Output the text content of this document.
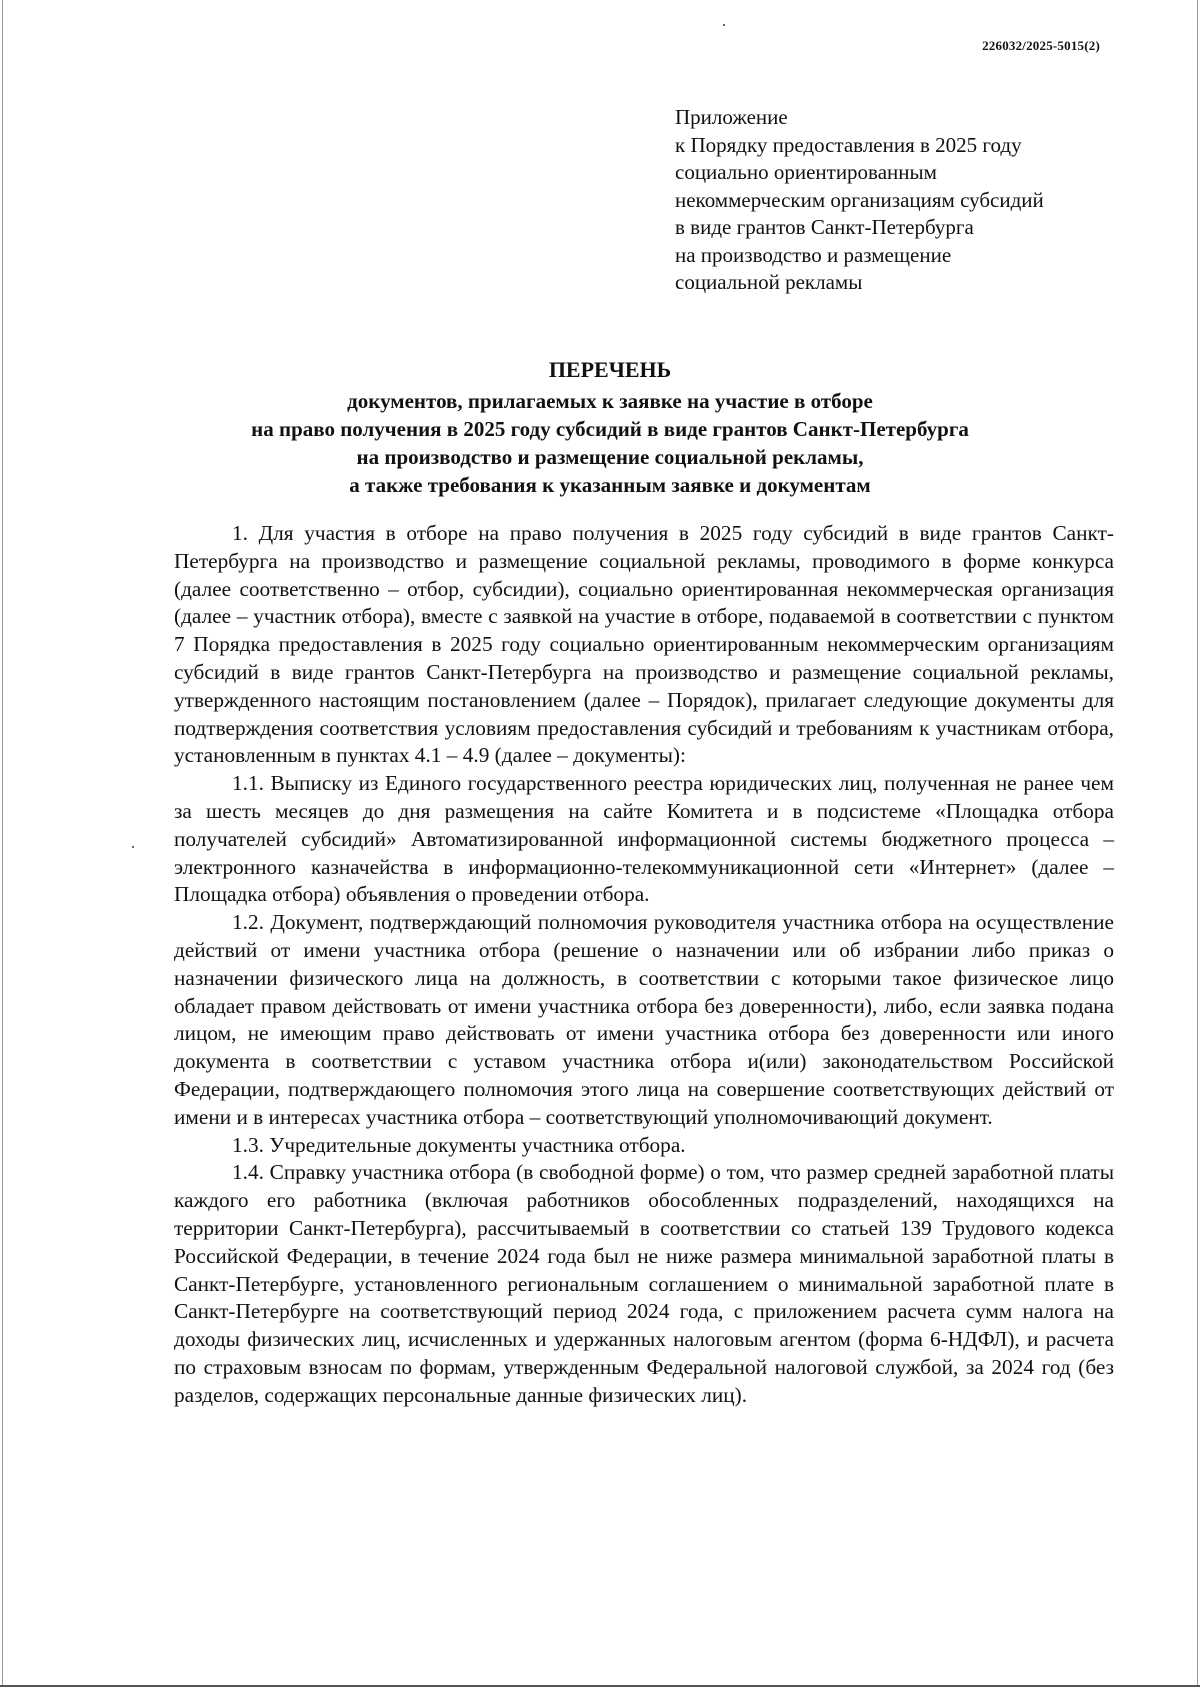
226032/2025-5015(2)
Приложение
к Порядку предоставления в 2025 году
социально ориентированным
некоммерческим организациям субсидий
в виде грантов Санкт-Петербурга
на производство и размещение
социальной рекламы
ПЕРЕЧЕНЬ
документов, прилагаемых к заявке на участие в отборе
на право получения в 2025 году субсидий в виде грантов Санкт-Петербурга
на производство и размещение социальной рекламы,
а также требования к указанным заявке и документам

1. Для участия в отборе на право получения в 2025 году субсидий в виде грантов Санкт-Петербурга на производство и размещение социальной рекламы, проводимого в форме конкурса (далее соответственно – отбор, субсидии), социально ориентированная некоммерческая организация (далее – участник отбора), вместе с заявкой на участие в отборе, подаваемой в соответствии с пунктом 7 Порядка предоставления в 2025 году социально ориентированным некоммерческим организациям субсидий в виде грантов Санкт-Петербурга на производство и размещение социальной рекламы, утвержденного настоящим постановлением (далее – Порядок), прилагает следующие документы для подтверждения соответствия условиям предоставления субсидий и требованиям к участникам отбора, установленным в пунктах 4.1 – 4.9 (далее – документы):

1.1. Выписку из Единого государственного реестра юридических лиц, полученная не ранее чем за шесть месяцев до дня размещения на сайте Комитета и в подсистеме «Площадка отбора получателей субсидий» Автоматизированной информационной системы бюджетного процесса – электронного казначейства в информационно-телекоммуникационной сети «Интернет» (далее – Площадка отбора) объявления о проведении отбора.

1.2. Документ, подтверждающий полномочия руководителя участника отбора на осуществление действий от имени участника отбора (решение о назначении или об избрании либо приказ о назначении физического лица на должность, в соответствии с которыми такое физическое лицо обладает правом действовать от имени участника отбора без доверенности), либо, если заявка подана лицом, не имеющим право действовать от имени участника отбора без доверенности или иного документа в соответствии с уставом участника отбора и(или) законодательством Российской Федерации, подтверждающего полномочия этого лица на совершение соответствующих действий от имени и в интересах участника отбора – соответствующий уполномочивающий документ.

1.3. Учредительные документы участника отбора.

1.4. Справку участника отбора (в свободной форме) о том, что размер средней заработной платы каждого его работника (включая работников обособленных подразделений, находящихся на территории Санкт-Петербурга), рассчитываемый в соответствии со статьей 139 Трудового кодекса Российской Федерации, в течение 2024 года был не ниже размера минимальной заработной платы в Санкт-Петербурге, установленного региональным соглашением о минимальной заработной плате в Санкт-Петербурге на соответствующий период 2024 года, с приложением расчета сумм налога на доходы физических лиц, исчисленных и удержанных налоговым агентом (форма 6-НДФЛ), и расчета по страховым взносам по формам, утвержденным Федеральной налоговой службой, за 2024 год (без разделов, содержащих персональные данные физических лиц).
